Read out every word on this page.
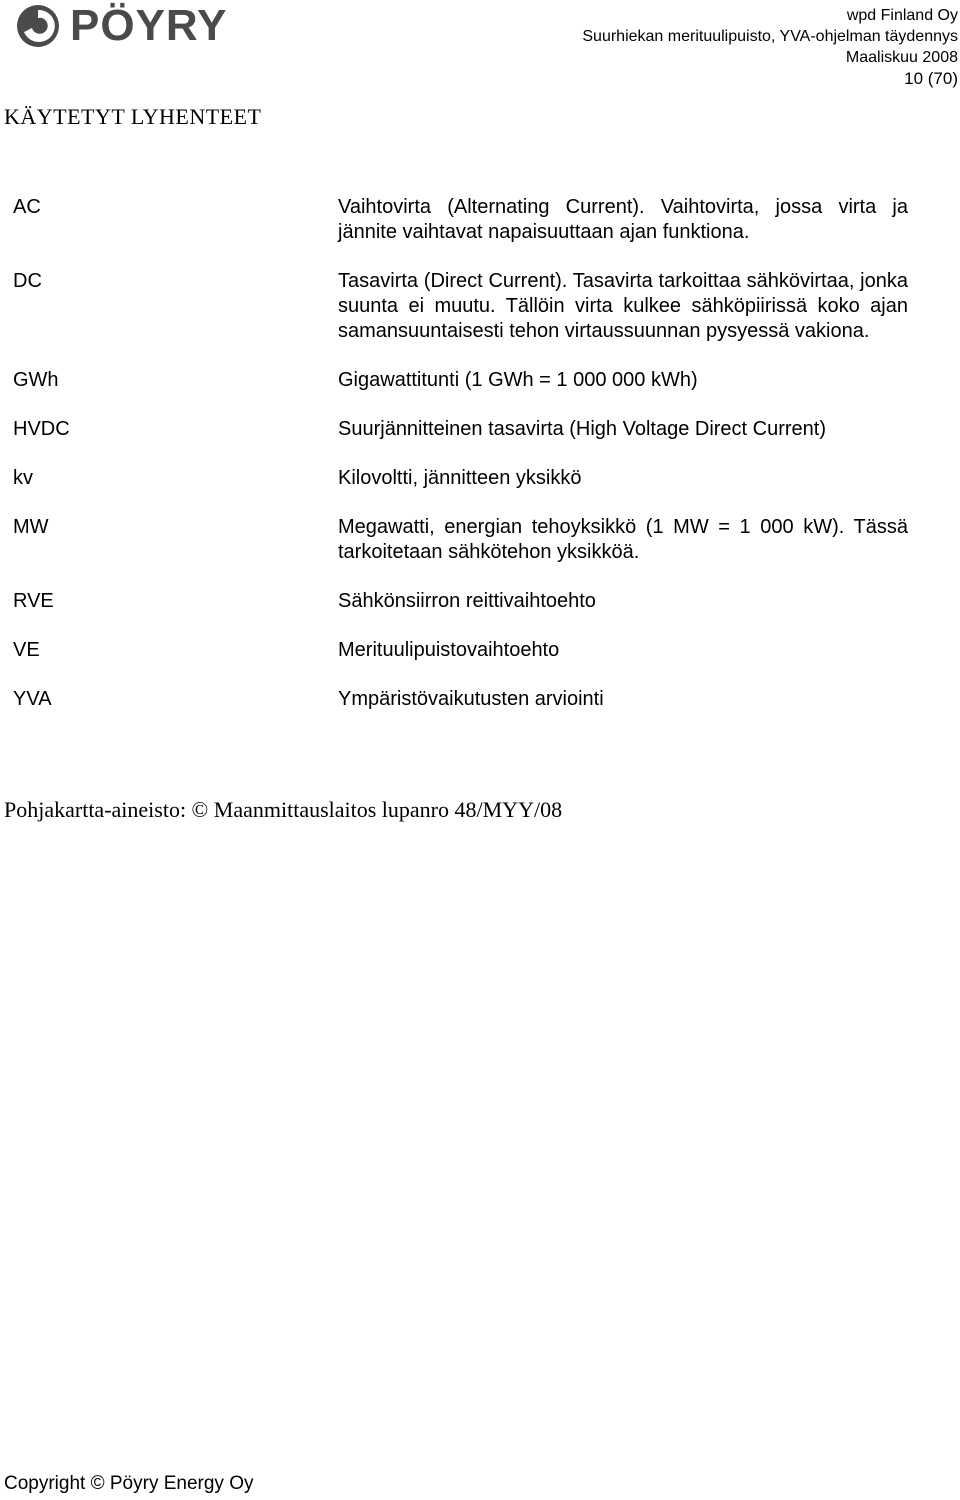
PÖYRY	wpd Finland Oy
Suurhiekan merituulipuisto, YVA-ohjelman täydennys
Maaliskuu 2008
10 (70)
KÄYTETYT LYHENTEET
AC	Vaihtovirta (Alternating Current). Vaihtovirta, jossa virta ja jännite vaihtavat napaisuuttaan ajan funktiona.
DC	Tasavirta (Direct Current). Tasavirta tarkoittaa sähkövirtaa, jonka suunta ei muutu. Tällöin virta kulkee sähköpiirissä koko ajan samansuuntaisesti tehon virtaussuunnan pysyessä vakiona.
GWh	Gigawattitunti (1 GWh = 1 000 000 kWh)
HVDC	Suurjännitteinen tasavirta (High Voltage Direct Current)
kv	Kilovoltti, jännitteen yksikkö
MW	Megawatti, energian tehoyksikkö (1 MW = 1 000 kW). Tässä tarkoitetaan sähkötehon yksikköä.
RVE	Sähkönsiirron reittivaihtoehto
VE	Merituulipuistovaihtoehto
YVA	Ympäristövaikutusten arviointi

Pohjakartta-aineisto: © Maanmittauslaitos lupanro 48/MYY/08

Copyright © Pöyry Energy Oy
